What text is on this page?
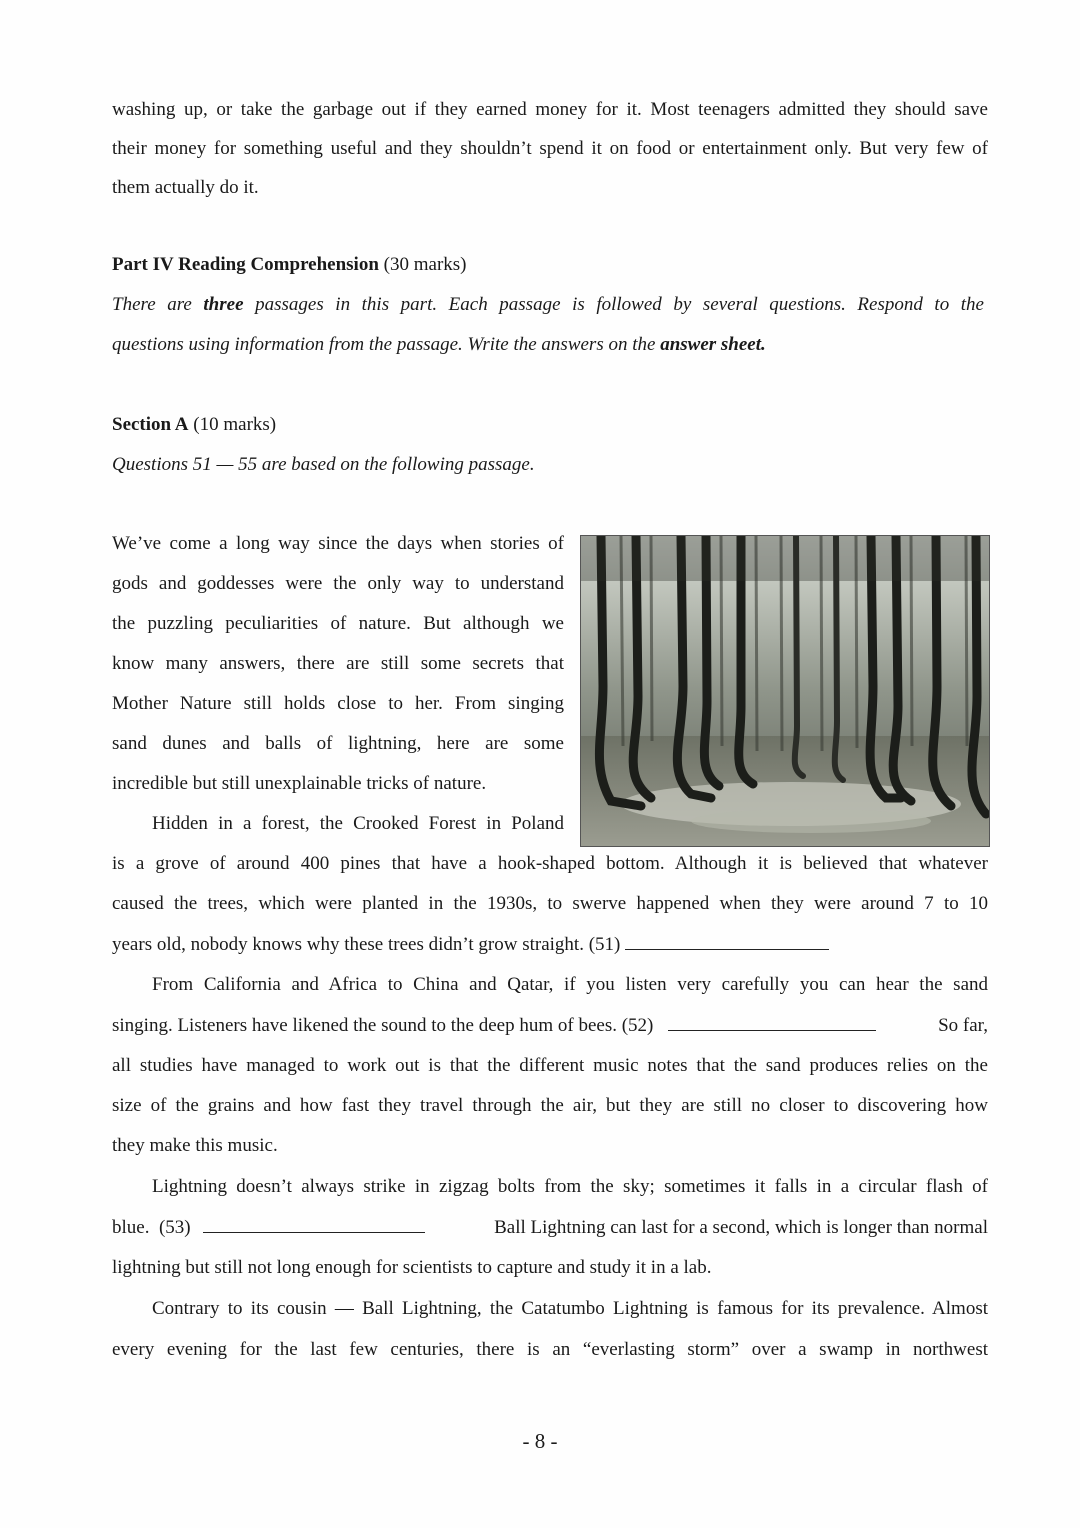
washing up, or take the garbage out if they earned money for it. Most teenagers admitted they should save
their money for something useful and they shouldn’t spend it on food or entertainment only. But very few of
them actually do it.
Part IV Reading Comprehension (30 marks)
There are three passages in this part. Each passage is followed by several questions. Respond to the
questions using information from the passage. Write the answers on the answer sheet.
Section A (10 marks)
Questions 51 — 55 are based on the following passage.
We’ve come a long way since the days when stories of
gods and goddesses were the only way to understand
the puzzling peculiarities of nature. But although we
know many answers, there are still some secrets that
Mother Nature still holds close to her. From singing
sand dunes and balls of lightning, here are some
incredible but still unexplainable tricks of nature.
Hidden in a forest, the Crooked Forest in Poland
is a grove of around 400 pines that have a hook-shaped bottom. Although it is believed that whatever
caused the trees, which were planted in the 1930s, to swerve happened when they were around 7 to 10
years old, nobody knows why these trees didn’t grow straight. (51)
From California and Africa to China and Qatar, if you listen very carefully you can hear the sand
singing. Listeners have likened the sound to the deep hum of bees. (52)	So far,
all studies have managed to work out is that the different music notes that the sand produces relies on the
size of the grains and how fast they travel through the air, but they are still no closer to discovering how
they make this music.
Lightning doesn’t always strike in zigzag bolts from the sky; sometimes it falls in a circular flash of
blue.  (53)	Ball Lightning can last for a second, which is longer than normal
lightning but still not long enough for scientists to capture and study it in a lab.
Contrary to its cousin — Ball Lightning, the Catatumbo Lightning is famous for its prevalence. Almost
every evening for the last few centuries, there is an “everlasting storm” over a swamp in northwest
- 8 -
